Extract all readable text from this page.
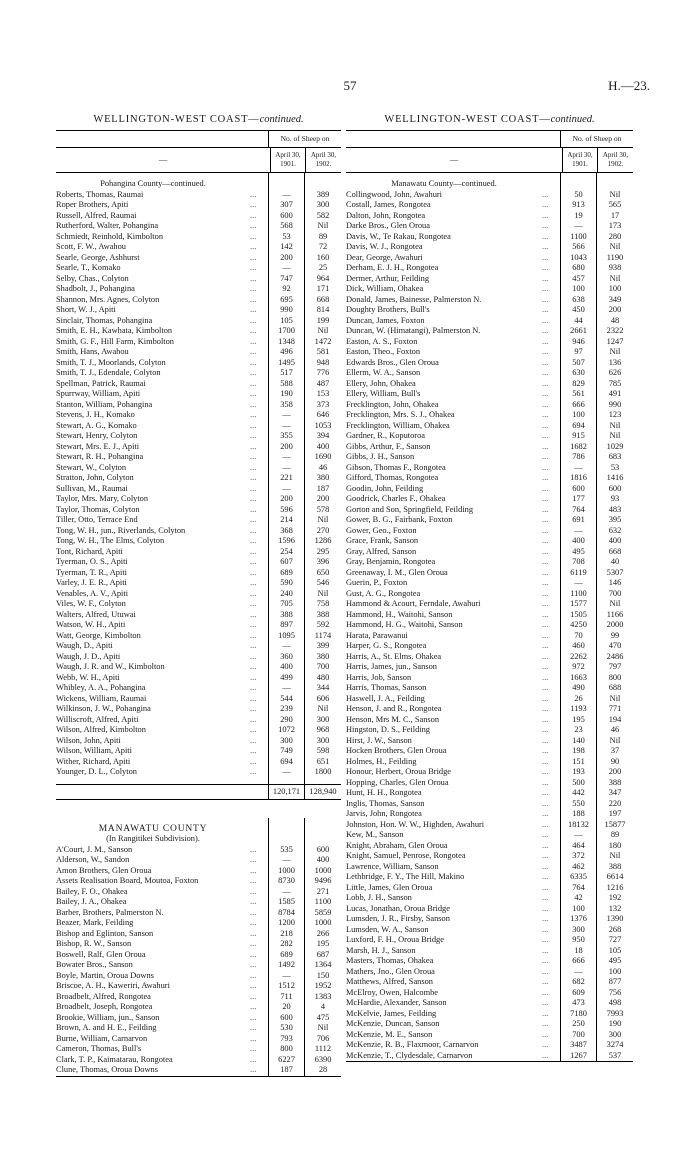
57	H.—23.
WELLINGTON-WEST COAST—continued.
No. of Sheep on
—	April 30, 1901.
April 30, 1902.
Pohangina County—continued.
Roberts, Thomas, Raumai	...	—	389
Roper Brothers, Apiti	...	307	300
Russell, Alfred, Raumai	...	600	582
Rutherford, Walter, Pohangina	...	568	Nil
Schmiedt, Reinhold, Kimbolton	...	53	89
Scott, F. W., Awahou	...	142	72
Searle, George, Ashhurst	...	200	160
Searle, T., Komako	...	—	25
Selby, Chas., Colyton	...	747	964
Shadbolt, J., Pohangina	...	92	171
Shannon, Mrs. Agnes, Colyton	...	695	668
Short, W. J., Apiti	...	990	814
Sinclair, Thomas, Pohangina	...	105	199
Smith, E. H., Kawhata, Kimbolton	...	1700	Nil
Smith, G. F., Hill Farm, Kimbolton	...	1348	1472
Smith, Hans, Awahou	...	496	581
Smith, T. J., Moorlands, Colyton	...	1495	948
Smith, T. J., Edendale, Colyton	...	517	776
Spellman, Patrick, Raumai	...	588	487
Spurrway, William, Apiti	...	190	153
Stanton, William, Pohangina	...	358	373
Stevens, J. H., Komako	...	—	646
Stewart, A. G., Komako	...	—	1053
Stewart, Henry, Colyton	...	355	394
Stewart, Mrs. E. J., Apiti	...	200	400
Stewart, R. H., Pohangina	...	—	1690
Stewart, W., Colyton	...	—	46
Stratton, John, Colyton	...	221	380
Sullivan, M., Raumai	...	—	187
Taylor, Mrs. Mary, Colyton	...	200	200
Taylor, Thomas, Colyton	...	596	578
Tiller, Otto, Terrace End	...	214	Nil
Tong, W. H., jun., Riverlands, Colyton	...	368	270
Tong, W. H., The Elms, Colyton	...	1596	1286
Tont, Richard, Apiti	...	254	295
Tyerman, O. S., Apiti	...	607	396
Tyerman, T. R., Apiti	...	689	650
Varley, J. E. R., Apiti	...	590	546
Venables, A. V., Apiti	...	240	Nil
Viles, W. F., Colyton	...	705	758
Walters, Alfred, Utuwai	...	388	388
Watson, W. H., Apiti	...	897	592
Watt, George, Kimbolton	...	1095	1174
Waugh, D., Apiti	...	—	399
Waugh, J. D., Apiti	...	360	380
Waugh, J. R. and W., Kimbolton	...	400	700
Webb, W. H., Apiti	...	499	480
Whibley, A. A., Pohangina	...	—	344
Wickens, William, Raumai	...	544	606
Wilkinson, J. W., Pohangina	...	239	Nil
Williscroft, Alfred, Apiti	...	290	300
Wilson, Alfred, Kimbolton	...	1072	968
Wilson, John, Apiti	...	300	300
Wilson, William, Apiti	...	749	598
Wither, Richard, Apiti	...	694	651
Younger, D. L., Colyton	...	—	1800
120,171	128,940
MANAWATU COUNTY
(In Rangitikei Subdivision).
A'Court, J. M., Sanson	...	535	600
Alderson, W., Sandon	...	—	400
Amon Brothers, Glen Oroua	...	1000	1000
Assets Realisation Board, Moutoa, Foxton	...	8730	9496
Bailey, F. O., Ohakea	...	—	271
Bailey, J. A., Ohakea	...	1585	1100
Barber, Brothers, Palmerston N.	...	8784	5859
Beazer, Mark, Feilding	...	1200	1000
Bishop and Eglinton, Sanson	...	218	266
Bishop, R. W., Sanson	...	282	195
Boswell, Ralf, Glen Oroua	...	689	687
Bowater Bros., Sanson	...	1492	1364
Boyle, Martin, Oroua Downs	...	—	150
Briscoe, A. H., Kaweriri, Awahuri	...	1512	1952
Broadbelt, Alfred, Rongotea	...	711	1383
Broadbelt, Joseph, Rongotea	...	20	4
Brookie, William, jun., Sanson	...	600	475
Brown, A. and H. E., Feilding	...	530	Nil
Burne, William, Carnarvon	...	793	706
Cameron, Thomas, Bull's	...	800	1112
Clark, T. P., Kaimatarau, Rongotea	...	6227	6390
Clune, Thomas, Oroua Downs	...	187	28
WELLINGTON-WEST COAST—continued.
No. of Sheep on
—	April 30, 1901.
April 30, 1902.
Manawatu County—continued.
Collingwood, John, Awahuri	...	50	Nil
Costall, James, Rongotea	...	913	565
Dalton, John, Rongotea	...	19	17
Darke Bros., Glen Oroua	...	—	173
Davis, W., Te Rakau, Rongotea	...	1100	280
Davis, W. J., Rongotea	...	566	Nil
Dear, George, Awahuri	...	1043	1190
Derham, E. J. H., Rongotea	...	680	938
Dermer, Arthur, Feilding	...	457	Nil
Dick, William, Ohakea	...	100	100
Donald, James, Bainesse, Palmerston N.	...	638	349
Doughty Brothers, Bull's	...	450	200
Duncan, James, Foxton	...	44	48
Duncan, W. (Himatangi), Palmerston N.	...	2661	2322
Easton, A. S., Foxton	...	946	1247
Easton, Theo., Foxton	...	97	Nil
Edwards Bros., Glen Oroua	...	507	136
Ellerm, W. A., Sanson	...	630	626
Ellery, John, Ohakea	...	829	785
Ellery, William, Bull's	...	561	491
Frecklington, John, Ohakea	...	666	990
Frecklington, Mrs. S. J., Ohakea	...	100	123
Frecklington, William, Ohakea	...	694	Nil
Gardner, R., Koputoroa	...	915	Nil
Gibbs, Arthur, F., Sanson	...	1682	1029
Gibbs, J. H., Sanson	...	786	683
Gibson, Thomas F., Rongotea	...	—	53
Gifford, Thomas, Rongotea	...	1816	1416
Goodin, John, Feilding	...	600	600
Goodrick, Charles F., Ohakea	...	177	93
Gorton and Son, Springfield, Feilding	...	764	483
Gower, B. G., Fairbank, Foxton	...	691	395
Gower, Geo., Foxton	...	—	632
Grace, Frank, Sanson	...	400	400
Gray, Alfred, Sanson	...	495	668
Gray, Benjamin, Rongotea	...	708	40
Greenaway, I. M., Glen Oroua	...	6119	5307
Guerin, P., Foxton	...	—	146
Gust, A. G., Rongotea	...	1100	700
Hammond & Acourt, Ferndale, Awahuri	...	1577	Nil
Hammond, H., Waitohi, Sanson	...	1505	1166
Hammond, H. G., Waitohi, Sanson	...	4250	2000
Harata, Parawanui	...	70	99
Harper, G. S., Rongotea	...	460	470
Harris, A., St. Elms. Ohakea	...	2262	2486
Harris, James, jun., Sanson	...	972	797
Harris, Job, Sanson	...	1663	800
Harris, Thomas, Sanson	...	490	688
Haswell, J. A., Feilding	...	26	Nil
Henson, J. and R., Rongotea	...	1193	771
Henson, Mrs M. C., Sanson	...	195	194
Hingston, D. S., Feilding	...	23	46
Hirst, J. W., Sanson	...	140	Nil
Hocken Brothers, Glen Oroua	...	198	37
Holmes, H., Feilding	...	151	90
Honour, Herbert, Oroua Bridge	...	193	200
Hopping, Charles, Glen Oroua	...	500	388
Hunt, H. H., Rongotea	...	442	347
Inglis, Thomas, Sanson	...	550	220
Jarvis, John, Rongotea	...	188	197
Johnston, Hon. W. W., Highden, Awahuri	...	18132	15877
Kew, M., Sanson	...	—	89
Knight, Abraham, Glen Oroua	...	464	180
Knight, Samuel, Penrose, Rongotea	...	372	Nil
Lawrence, William, Sanson	...	462	388
Lethbridge, F. Y., The Hill, Makino	...	6335	6614
Little, James, Glen Oroua	...	764	1216
Lobb, J. H., Sanson	...	42	192
Lucas, Jonathan, Oroua Bridge	...	100	132
Lumsden, J. R., Firsby, Sanson	...	1376	1390
Lumsden, W. A., Sanson	...	300	268
Luxford, F. H., Oroua Bridge	...	950	727
Marsh, H. J., Sanson	...	18	105
Masters, Thomas, Ohakea	...	666	495
Mathers, Jno., Glen Oroua	...	—	100
Matthews, Alfred, Sanson	...	682	877
McElroy, Owen, Halcombe	...	609	756
McHardie, Alexander, Sanson	...	473	498
McKelvie, James, Feilding	...	7180	7993
McKenzie, Duncan, Sanson	...	250	190
McKenzie, M. E., Sanson	...	700	300
McKenzie, R. B., Flaxmoor, Carnarvon	...	3487	3274
McKenzie, T., Clydesdale, Carnarvon	...	1267	537
